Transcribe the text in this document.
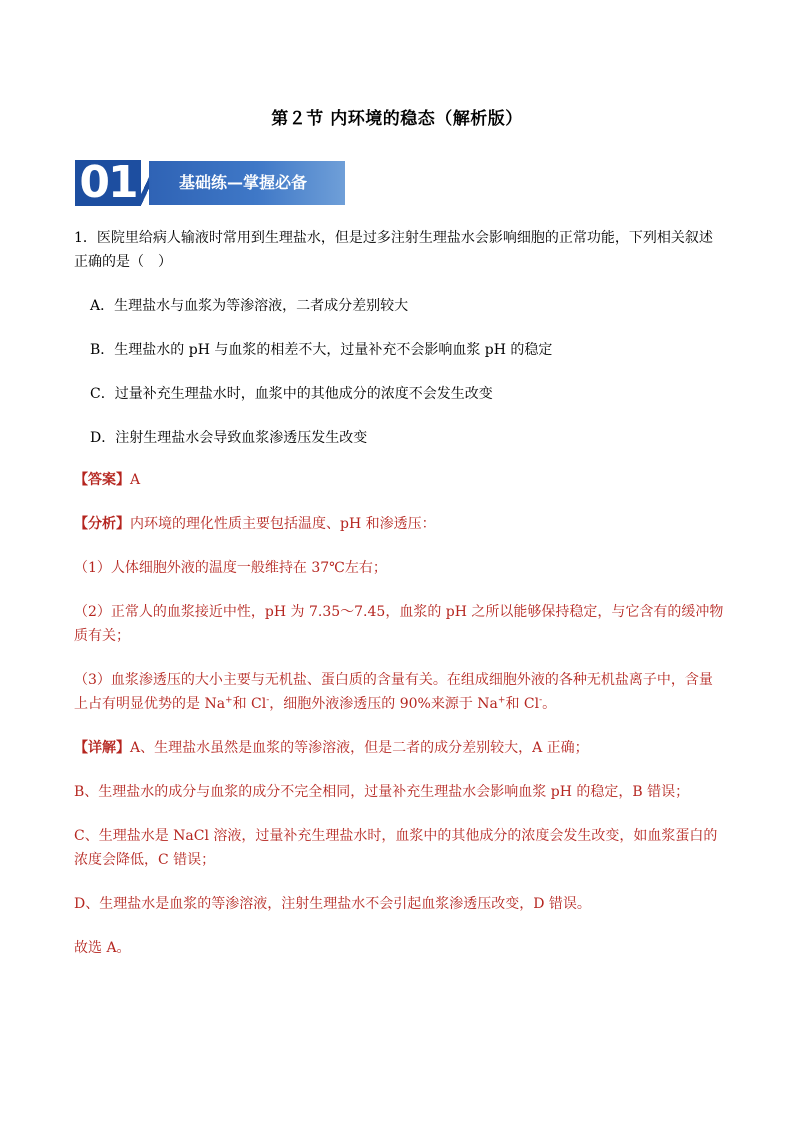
第２节 内环境的稳态（解析版）
01	基础练—掌握必备

1．医院里给病人输液时常用到生理盐水，但是过多注射生理盐水会影响细胞的正常功能，下列相关叙述正确的是（　）

A．生理盐水与血浆为等渗溶液，二者成分差别较大

B．生理盐水的 pH 与血浆的相差不大，过量补充不会影响血浆 pH 的稳定

C．过量补充生理盐水时，血浆中的其他成分的浓度不会发生改变

D．注射生理盐水会导致血浆渗透压发生改变

【答案】A

【分析】内环境的理化性质主要包括温度、pH 和渗透压：

（1）人体细胞外液的温度一般维持在 37℃左右；

（2）正常人的血浆接近中性，pH 为 7.35～7.45，血浆的 pH 之所以能够保持稳定，与它含有的缓冲物质有关；

（3）血浆渗透压的大小主要与无机盐、蛋白质的含量有关。在组成细胞外液的各种无机盐离子中，含量上占有明显优势的是 Na+和 Cl-，细胞外液渗透压的 90%来源于 Na+和 Cl-。

【详解】A、生理盐水虽然是血浆的等渗溶液，但是二者的成分差别较大，A 正确；

B、生理盐水的成分与血浆的成分不完全相同，过量补充生理盐水会影响血浆 pH 的稳定，B 错误；

C、生理盐水是 NaCl 溶液，过量补充生理盐水时，血浆中的其他成分的浓度会发生改变，如血浆蛋白的浓度会降低，C 错误；

D、生理盐水是血浆的等渗溶液，注射生理盐水不会引起血浆渗透压改变，D 错误。

故选 A。
